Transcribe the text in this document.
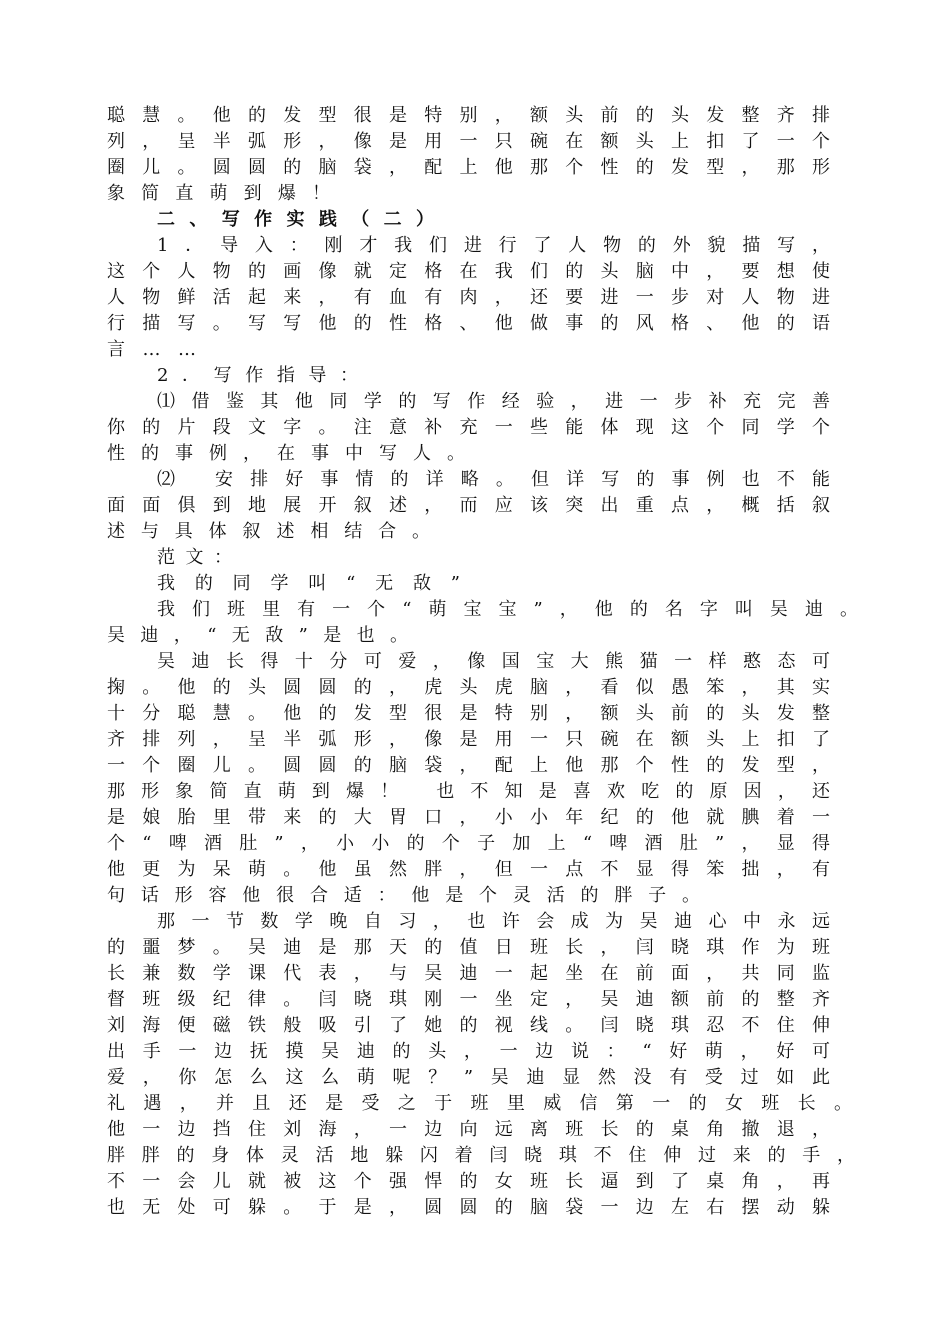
聪慧。他的发型很是特别，额头前的头发整齐排
列，呈半弧形，像是用一只碗在额头上扣了一个
圈儿。圆圆的脑袋，配上他那个性的发型，那形
象简直萌到爆！
二、写作实践（二）
1．导入：刚才我们进行了人物的外貌描写，
这个人物的画像就定格在我们的头脑中，要想使
人物鲜活起来，有血有肉，还要进一步对人物进
行描写。写写他的性格、他做事的风格、他的语
言……
2．写作指导：
⑴借鉴其他同学的写作经验，进一步补充完善
你的片段文字。注意补充一些能体现这个同学个
性的事例，在事中写人。
⑵ 安排好事情的详略。但详写的事例也不能
面面俱到地展开叙述，而应该突出重点，概括叙
述与具体叙述相结合。
范文：
我的同学叫“无敌”
我们班里有一个“萌宝宝”，他的名字叫吴迪。
吴迪，“无敌”是也。
吴迪长得十分可爱，像国宝大熊猫一样憨态可
掬。他的头圆圆的，虎头虎脑，看似愚笨，其实
十分聪慧。他的发型很是特别，额头前的头发整
齐排列，呈半弧形，像是用一只碗在额头上扣了
一个圈儿。圆圆的脑袋，配上他那个性的发型，
那形象简直萌到爆！ 也不知是喜欢吃的原因，还
是娘胎里带来的大胃口，小小年纪的他就腆着一
个“啤酒肚”，小小的个子加上“啤酒肚”，显得
他更为呆萌。他虽然胖，但一点不显得笨拙，有
句话形容他很合适：他是个灵活的胖子。
那一节数学晚自习，也许会成为吴迪心中永远
的噩梦。吴迪是那天的值日班长，闫晓琪作为班
长兼数学课代表，与吴迪一起坐在前面，共同监
督班级纪律。闫晓琪刚一坐定，吴迪额前的整齐
刘海便磁铁般吸引了她的视线。闫晓琪忍不住伸
出手一边抚摸吴迪的头，一边说：“好萌，好可
爱，你怎么这么萌呢？”吴迪显然没有受过如此
礼遇，并且还是受之于班里威信第一的女班长。
他一边挡住刘海，一边向远离班长的桌角撤退，
胖胖的身体灵活地躲闪着闫晓琪不住伸过来的手，
不一会儿就被这个强悍的女班长逼到了桌角，再
也无处可躲。于是，圆圆的脑袋一边左右摆动躲
